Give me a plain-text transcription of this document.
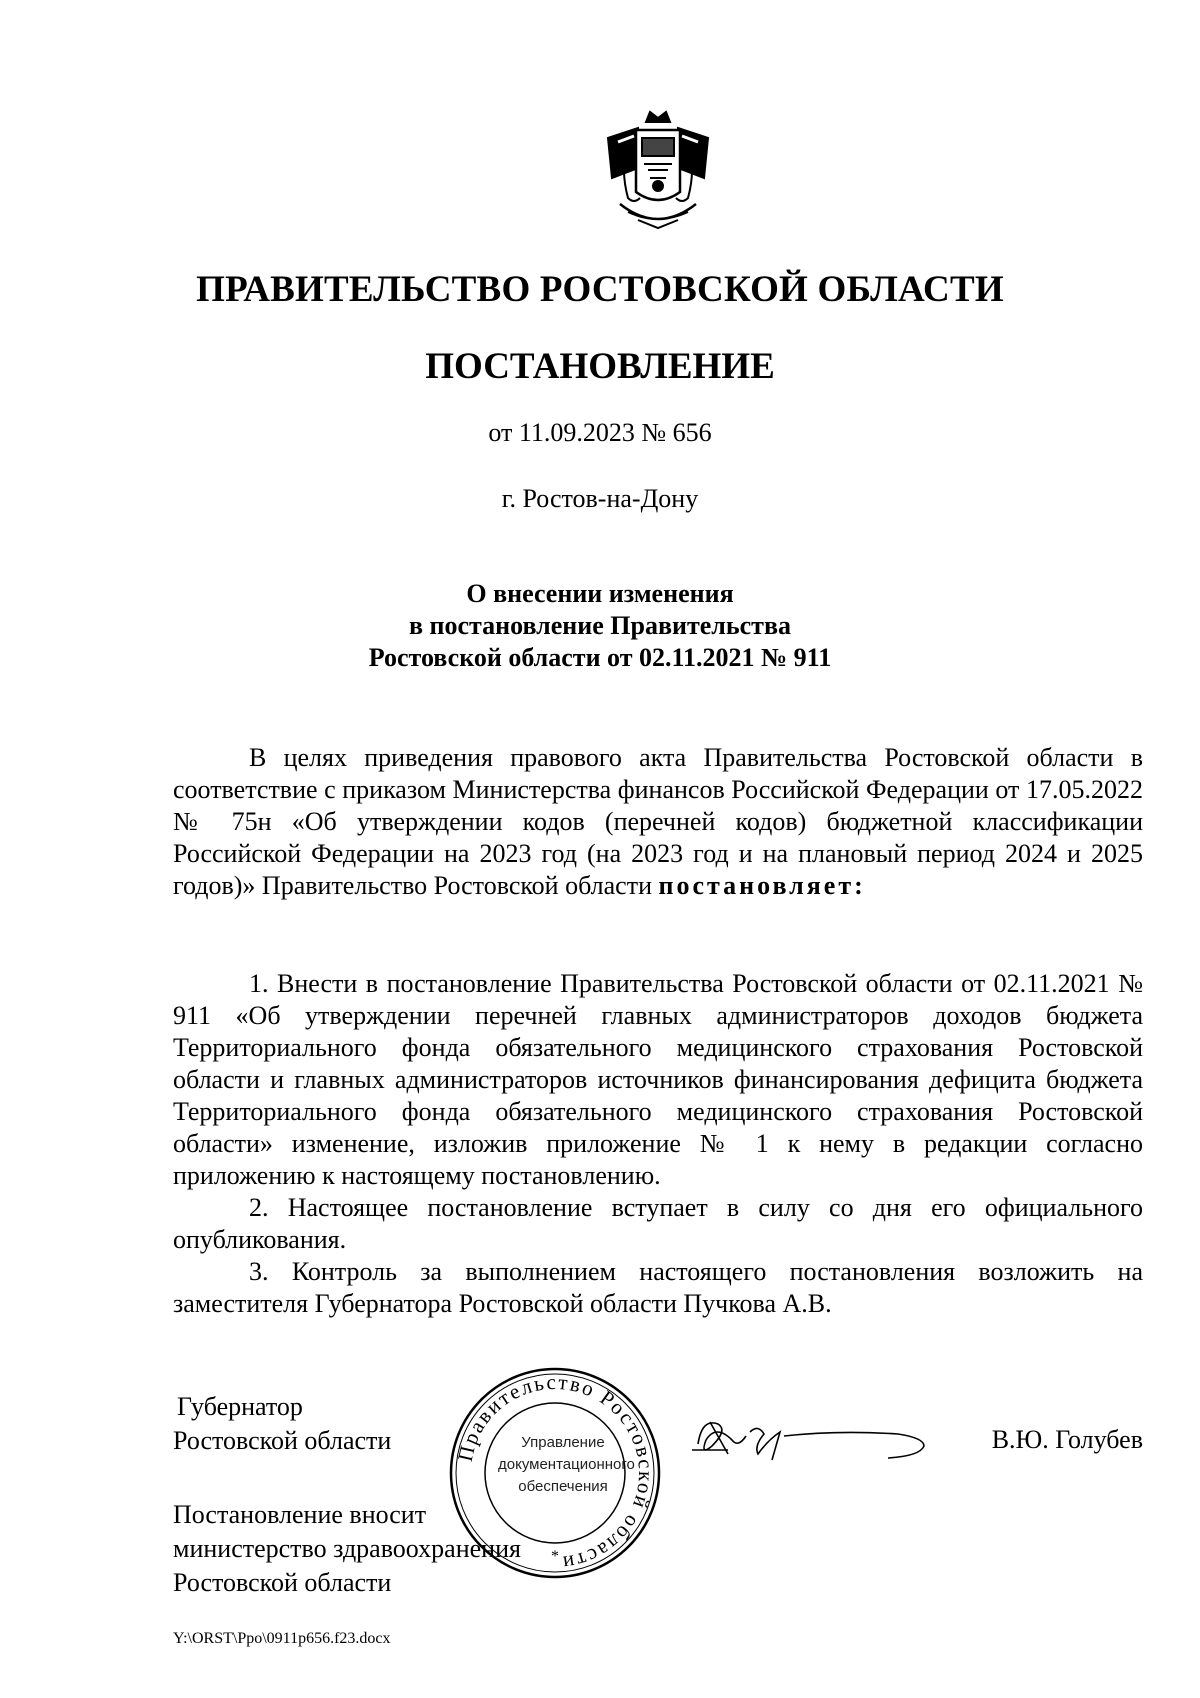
ПРАВИТЕЛЬСТВО РОСТОВСКОЙ ОБЛАСТИ
ПОСТАНОВЛЕНИЕ
от 11.09.2023 № 656
г. Ростов-на-Дону
О внесении изменения
в постановление Правительства
Ростовской области от 02.11.2021 № 911

В целях приведения правового акта Правительства Ростовской области в соответствие с приказом Министерства финансов Российской Федерации от 17.05.2022 № 75н «Об утверждении кодов (перечней кодов) бюджетной классификации Российской Федерации на 2023 год (на 2023 год и на плановый период 2024 и 2025 годов)» Правительство Ростовской области постановляет:

1. Внести в постановление Правительства Ростовской области от 02.11.2021 № 911 «Об утверждении перечней главных администраторов доходов бюджета Территориального фонда обязательного медицинского страхования Ростовской области и главных администраторов источников финансирования дефицита бюджета Территориального фонда обязательного медицинского страхования Ростовской области» изменение, изложив приложение № 1 к нему в редакции согласно приложению к настоящему постановлению.

2. Настоящее постановление вступает в силу со дня его официального опубликования.

3. Контроль за выполнением настоящего постановления возложить на заместителя Губернатора Ростовской области Пучкова А.В.

Губернатор
Ростовской области	Правительство Ростовской области
*
Управление
документационного
обеспечения
В.Ю. Голубев
Постановление вносит
министерство здравоохранения
Ростовской области
Y:\ORST\Ppo\0911p656.f23.docx
